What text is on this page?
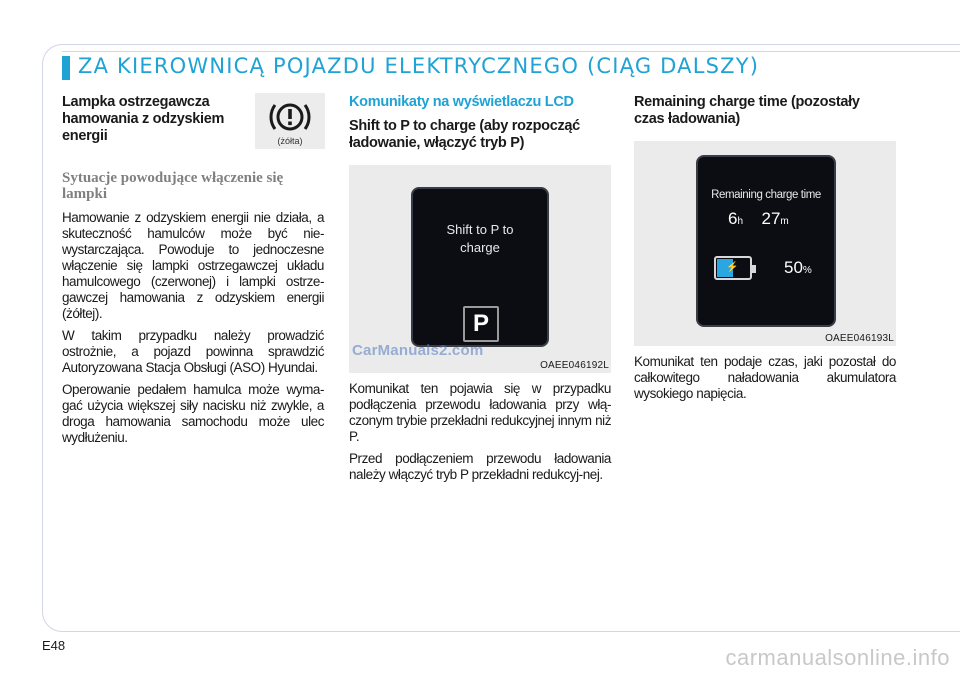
ZA KIEROWNICĄ POJAZDU ELEKTRYCZNEGO (CIĄG DALSZY)
Lampka ostrzegawcza
hamowania z odzyskiem
energii	(żółta)
Sytuacje powodujące włączenie się
lampki
Hamowanie z odzyskiem energii nie działa, a skuteczność hamulców może być nie-wystarczająca. Powoduje to jednoczesne włączenie się lampki ostrzegawczej układu hamulcowego (czerwonej) i lampki ostrze-gawczej hamowania z odzyskiem energii (żółtej).
W takim przypadku należy prowadzić ostrożnie, a pojazd powinna sprawdzić Autoryzowana Stacja Obsługi (ASO) Hyundai.
Operowanie pedałem hamulca może wyma-gać użycia większej siły nacisku niż zwykle, a droga hamowania samochodu może ulec wydłużeniu.
Komunikaty na wyświetlaczu LCD
Shift to P to charge (aby rozpocząć
ładowanie, włączyć tryb P)
Shift to P to
charge
P
OAEE046192L
Komunikat ten pojawia się w przypadku podłączenia przewodu ładowania przy włą-czonym trybie przekładni redukcyjnej innym niż P.
Przed podłączeniem przewodu ładowania należy włączyć tryb P przekładni redukcyj-nej.
Remaining charge time (pozostały
czas ładowania)
Remaining charge time
6h 27m
⚡	50%
OAEE046193L
Komunikat ten podaje czas, jaki pozostał do całkowitego naładowania akumulatora wysokiego napięcia.
CarManuals2.com
E48	carmanualsonline.info
